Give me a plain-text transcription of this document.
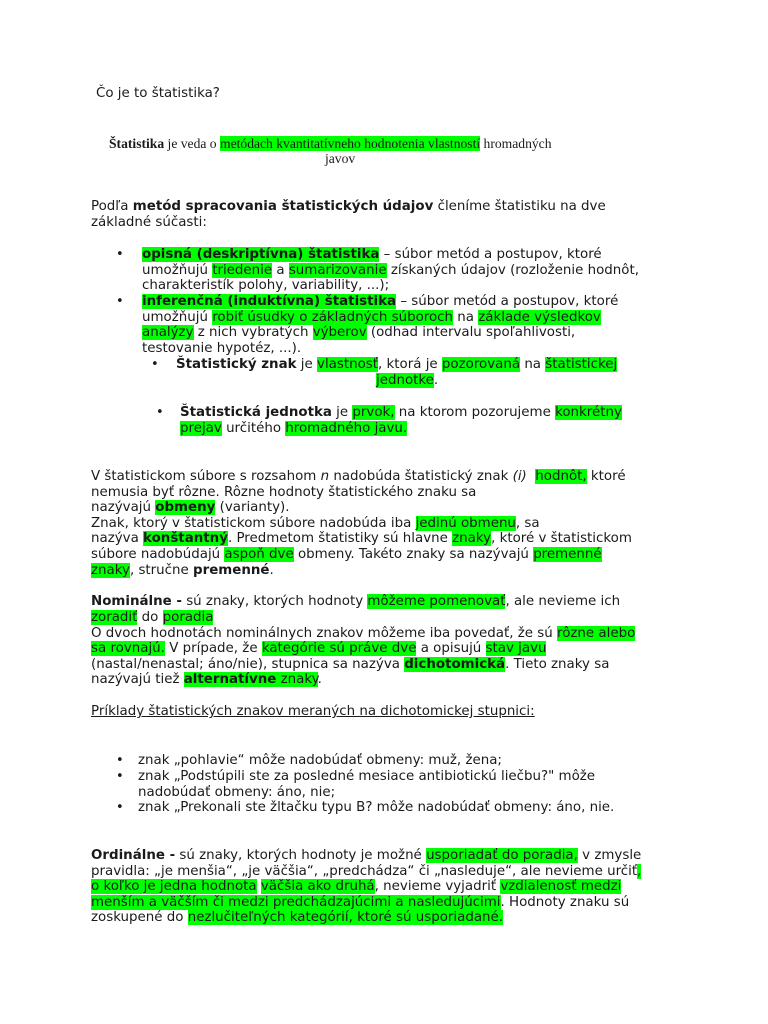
Čo je to štatistika?
Štatistika je veda o metódach kvantitatívneho hodnotenia vlastností hromadných
javov
Podľa metód spracovania štatistických údajov členíme štatistiku na dve
základné súčasti:
• opisná (deskriptívna) štatistika – súbor metód a postupov, ktoré
umožňujú triedenie a sumarizovanie získaných údajov (rozloženie hodnôt,
charakteristík polohy, variability, ...);
• inferenčná (induktívna) štatistika – súbor metód a postupov, ktoré
umožňujú robiť úsudky o základných súboroch na základe výsledkov
analýzy z nich vybratých výberov (odhad intervalu spoľahlivosti,
testovanie hypotéz, ...).
• Štatistický znak je vlastnosť, ktorá je pozorovaná na štatistickej
jednotke.
• Štatistická jednotka je prvok, na ktorom pozorujeme konkrétny
prejav určitého hromadného javu.
V štatistickom súbore s rozsahom n nadobúda štatistický znak (i) hodnôt, ktoré
nemusia byť rôzne. Rôzne hodnoty štatistického znaku sa
nazývajú obmeny (varianty).
Znak, ktorý v štatistickom súbore nadobúda iba jedinú obmenu, sa
nazýva konštantný. Predmetom štatistiky sú hlavne znaky, ktoré v štatistickom
súbore nadobúdajú aspoň dve obmeny. Takéto znaky sa nazývajú premenné
znaky, stručne premenné.
Nominálne - sú znaky, ktorých hodnoty môžeme pomenovať, ale nevieme ich
zoradiť do poradia
O dvoch hodnotách nominálnych znakov môžeme iba povedať, že sú rôzne alebo
sa rovnajú. V prípade, že kategórie sú práve dve a opisujú stav javu
(nastal/nenastal; áno/nie), stupnica sa nazýva dichotomická. Tieto znaky sa
nazývajú tiež alternatívne znaky.
Príklady štatistických znakov meraných na dichotomickej stupnici:
• znak „pohlavie“ môže nadobúdať obmeny: muž, žena;
• znak „Podstúpili ste za posledné mesiace antibiotickú liečbu?" môže
nadobúdať obmeny: áno, nie;
• znak „Prekonali ste žltačku typu B? môže nadobúdať obmeny: áno, nie.
Ordinálne - sú znaky, ktorých hodnoty je možné usporiadať do poradia, v zmysle
pravidla: „je menšia“, „je väčšia“, „predchádza“ či „nasleduje“, ale nevieme určiť,
o koľko je jedna hodnota väčšia ako druhá, nevieme vyjadriť vzdialenosť medzi
menším a väčším či medzi predchádzajúcimi a nasledujúcimi. Hodnoty znaku sú
zoskupené do nezlučiteľných kategórií, ktoré sú usporiadané.
